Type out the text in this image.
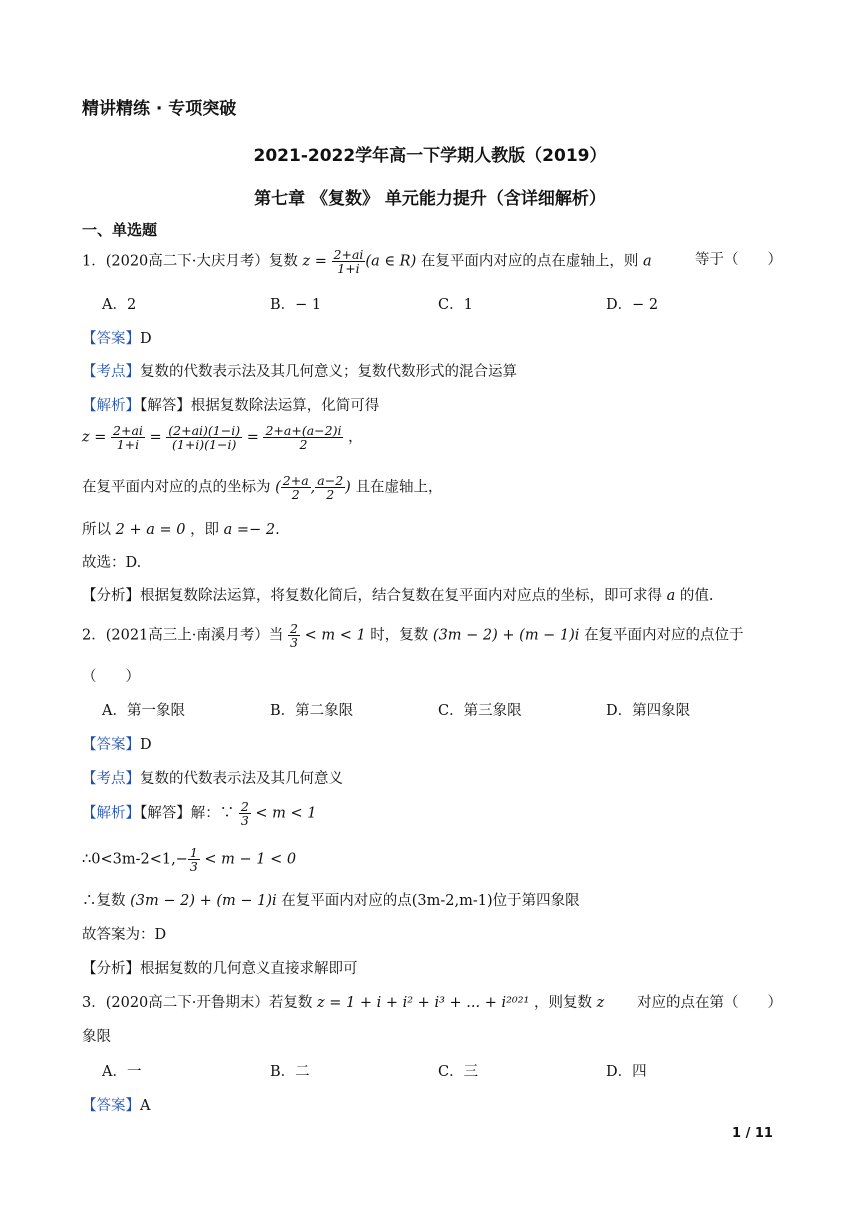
精讲精练 · 专项突破
2021-2022学年高一下学期人教版（2019）
第七章 《复数》 单元能力提升（含详细解析）
一、单选题
1．(2020高二下·大庆月考）复数 $z = \frac{2+ai}{1+i} (a$ ∈ R) 在复平面内对应的点在虚轴上，则 a	等于（　　）
A．2	B．− 1	C．1	D．− 2
【答案】D
【考点】复数的代数表示法及其几何意义；复数代数形式的混合运算
【解析】【解答】根据复数除法运算，化简可得
$z = \frac{2+ai}{1+i} = \frac{(2+ai)(1-i)}{(1+i)(1-i)} = \frac{2+a+(a-2)i}{2}$ ，
在复平面内对应的点的坐标为 ( $\frac{2+a}{2}$ , $\frac{a-2}{2}$ ) 且在虚轴上，
所以 2 + a = 0 ，即 a =− 2.
故选：D.
【分析】根据复数除法运算，将复数化简后，结合复数在复平面内对应点的坐标，即可求得 a 的值.
2．(2021高三上·南溪月考）当 $\frac{2}{3} < m < 1$ 时，复数 (3m − 2) + (m − 1)i 在复平面内对应的点位于
（　　）
A．第一象限	B．第二象限	C．第三象限	D．第四象限
【答案】D
【考点】复数的代数表示法及其几何意义
【解析】【解答】解：∵ $\frac{2}{3} < m < 1$
∴0<3m-2<1,− $\frac{1}{3} < m - 1 < 0$
∴复数 (3m − 2) + (m − 1)i 在复平面内对应的点(3m-2,m-1)位于第四象限
故答案为：D
【分析】根据复数的几何意义直接求解即可
3．(2020高二下·开鲁期末）若复数 z = 1 + i + i² + i³ + ... + i²⁰²¹ ，则复数 z 对应的点在第（　　）
象限
A．一	B．二	C．三	D．四
【答案】A
1 / 11
